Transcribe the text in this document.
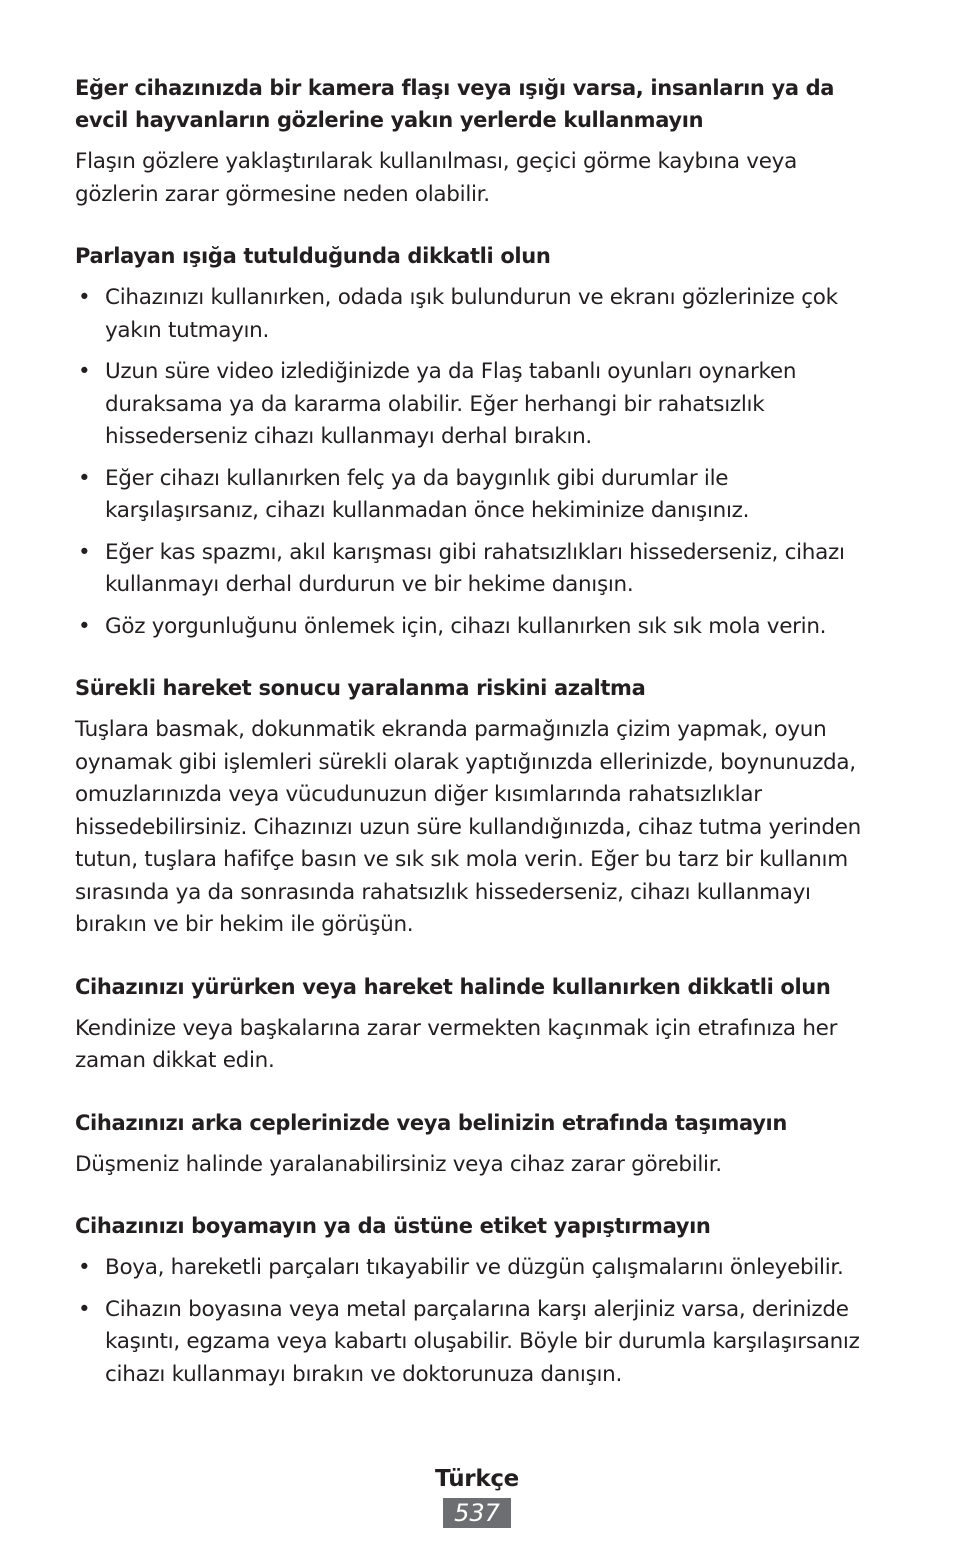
Eğer cihazınızda bir kamera flaşı veya ışığı varsa, insanların ya da evcil hayvanların gözlerine yakın yerlerde kullanmayın

Flaşın gözlere yaklaştırılarak kullanılması, geçici görme kaybına veya gözlerin zarar görmesine neden olabilir.

Parlayan ışığa tutulduğunda dikkatli olun

• Cihazınızı kullanırken, odada ışık bulundurun ve ekranı gözlerinize çok yakın tutmayın.
• Uzun süre video izlediğinizde ya da Flaş tabanlı oyunları oynarken duraksama ya da kararma olabilir. Eğer herhangi bir rahatsızlık hissederseniz cihazı kullanmayı derhal bırakın.
• Eğer cihazı kullanırken felç ya da baygınlık gibi durumlar ile karşılaşırsanız, cihazı kullanmadan önce hekiminize danışınız.
• Eğer kas spazmı, akıl karışması gibi rahatsızlıkları hissederseniz, cihazı kullanmayı derhal durdurun ve bir hekime danışın.
• Göz yorgunluğunu önlemek için, cihazı kullanırken sık sık mola verin.

Sürekli hareket sonucu yaralanma riskini azaltma

Tuşlara basmak, dokunmatik ekranda parmağınızla çizim yapmak, oyun oynamak gibi işlemleri sürekli olarak yaptığınızda ellerinizde, boynunuzda, omuzlarınızda veya vücudunuzun diğer kısımlarında rahatsızlıklar hissedebilirsiniz. Cihazınızı uzun süre kullandığınızda, cihaz tutma yerinden tutun, tuşlara hafifçe basın ve sık sık mola verin. Eğer bu tarz bir kullanım sırasında ya da sonrasında rahatsızlık hissederseniz, cihazı kullanmayı bırakın ve bir hekim ile görüşün.

Cihazınızı yürürken veya hareket halinde kullanırken dikkatli olun

Kendinize veya başkalarına zarar vermekten kaçınmak için etrafınıza her zaman dikkat edin.

Cihazınızı arka ceplerinizde veya belinizin etrafında taşımayın

Düşmeniz halinde yaralanabilirsiniz veya cihaz zarar görebilir.

Cihazınızı boyamayın ya da üstüne etiket yapıştırmayın

• Boya, hareketli parçaları tıkayabilir ve düzgün çalışmalarını önleyebilir.
• Cihazın boyasına veya metal parçalarına karşı alerjiniz varsa, derinizde kaşıntı, egzama veya kabartı oluşabilir. Böyle bir durumla karşılaşırsanız cihazı kullanmayı bırakın ve doktorunuza danışın.
Türkçe
537
